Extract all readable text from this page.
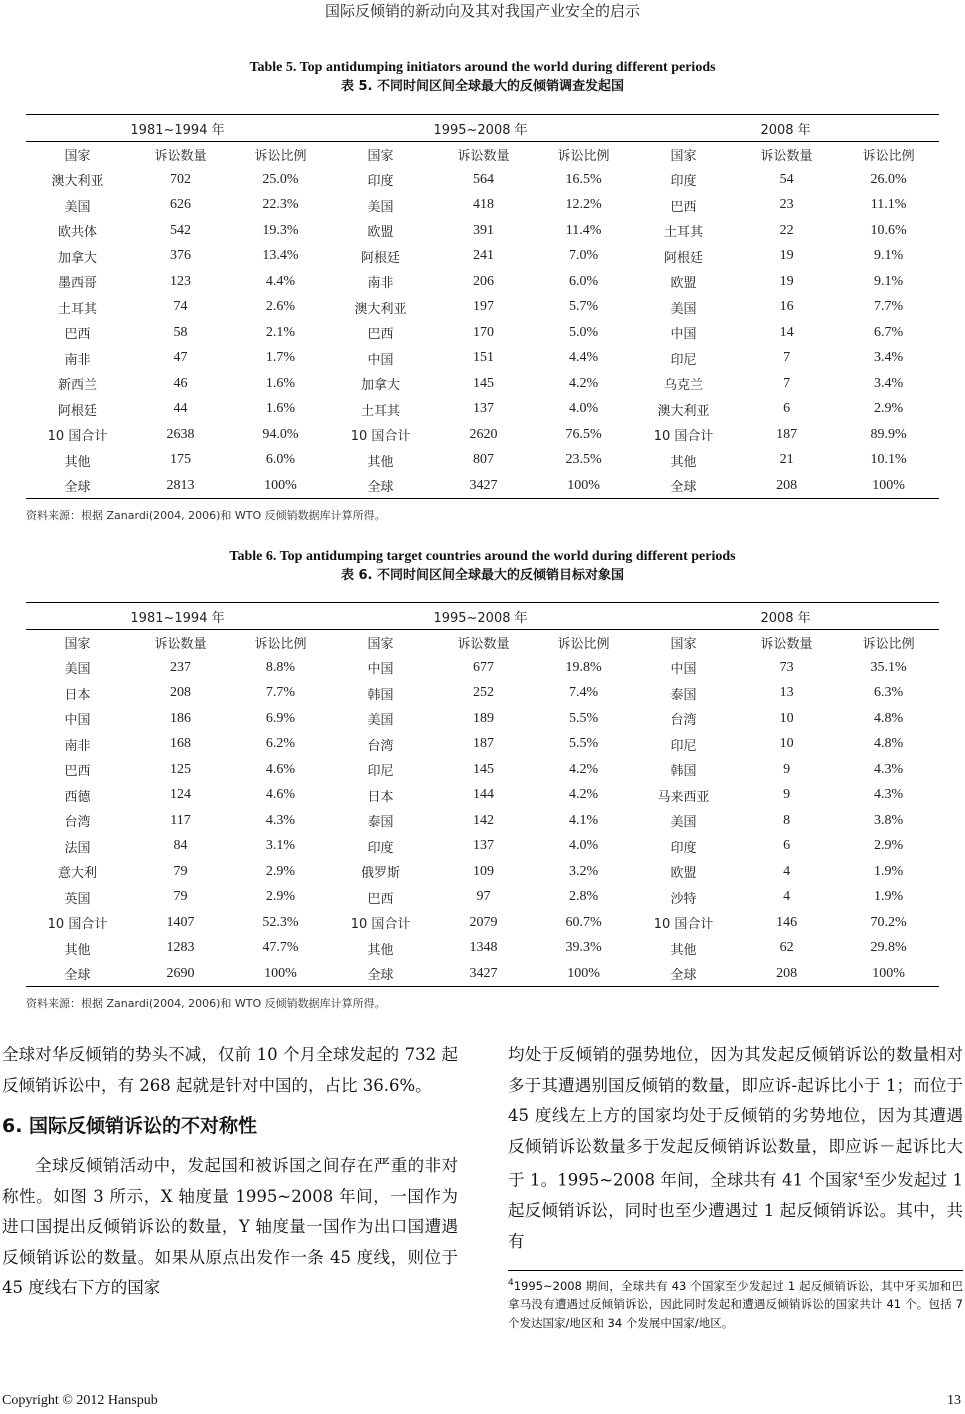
国际反倾销的新动向及其对我国产业安全的启示
Table 5. Top antidumping initiators around the world during different periods
表 5. 不同时间区间全球最大的反倾销调查发起国
1981~1994 年			1995~2008 年			2008 年		
国家	诉讼数量	诉讼比例	国家	诉讼数量	诉讼比例	国家	诉讼数量	诉讼比例
澳大利亚	702	25.0%	印度	564	16.5%	印度	54	26.0%
美国	626	22.3%	美国	418	12.2%	巴西	23	11.1%
欧共体	542	19.3%	欧盟	391	11.4%	土耳其	22	10.6%
加拿大	376	13.4%	阿根廷	241	7.0%	阿根廷	19	9.1%
墨西哥	123	4.4%	南非	206	6.0%	欧盟	19	9.1%
土耳其	74	2.6%	澳大利亚	197	5.7%	美国	16	7.7%
巴西	58	2.1%	巴西	170	5.0%	中国	14	6.7%
南非	47	1.7%	中国	151	4.4%	印尼	7	3.4%
新西兰	46	1.6%	加拿大	145	4.2%	乌克兰	7	3.4%
阿根廷	44	1.6%	土耳其	137	4.0%	澳大利亚	6	2.9%
10 国合计	2638	94.0%	10 国合计	2620	76.5%	10 国合计	187	89.9%
其他	175	6.0%	其他	807	23.5%	其他	21	10.1%
全球	2813	100%	全球	3427	100%	全球	208	100%
资料来源：根据 Zanardi(2004, 2006)和 WTO 反倾销数据库计算所得。
Table 6. Top antidumping target countries around the world during different periods
表 6. 不同时间区间全球最大的反倾销目标对象国
1981~1994 年			1995~2008 年			2008 年		
国家	诉讼数量	诉讼比例	国家	诉讼数量	诉讼比例	国家	诉讼数量	诉讼比例
美国	237	8.8%	中国	677	19.8%	中国	73	35.1%
日本	208	7.7%	韩国	252	7.4%	泰国	13	6.3%
中国	186	6.9%	美国	189	5.5%	台湾	10	4.8%
南非	168	6.2%	台湾	187	5.5%	印尼	10	4.8%
巴西	125	4.6%	印尼	145	4.2%	韩国	9	4.3%
西德	124	4.6%	日本	144	4.2%	马来西亚	9	4.3%
台湾	117	4.3%	泰国	142	4.1%	美国	8	3.8%
法国	84	3.1%	印度	137	4.0%	印度	6	2.9%
意大利	79	2.9%	俄罗斯	109	3.2%	欧盟	4	1.9%
英国	79	2.9%	巴西	97	2.8%	沙特	4	1.9%
10 国合计	1407	52.3%	10 国合计	2079	60.7%	10 国合计	146	70.2%
其他	1283	47.7%	其他	1348	39.3%	其他	62	29.8%
全球	2690	100%	全球	3427	100%	全球	208	100%
资料来源：根据 Zanardi(2004, 2006)和 WTO 反倾销数据库计算所得。

全球对华反倾销的势头不减，仅前 10 个月全球发起的 732 起反倾销诉讼中，有 268 起就是针对中国的，占比 36.6%。

6. 国际反倾销诉讼的不对称性

全球反倾销活动中，发起国和被诉国之间存在严重的非对称性。如图 3 所示，X 轴度量 1995~2008 年间，一国作为进口国提出反倾销诉讼的数量，Y 轴度量一国作为出口国遭遇反倾销诉讼的数量。如果从原点出发作一条 45 度线，则位于 45 度线右下方的国家

均处于反倾销的强势地位，因为其发起反倾销诉讼的数量相对多于其遭遇别国反倾销的数量，即应诉-起诉比小于 1；而位于 45 度线左上方的国家均处于反倾销的劣势地位，因为其遭遇反倾销诉讼数量多于发起反倾销诉讼数量，即应诉－起诉比大于 1。1995~2008 年间，全球共有 41 个国家$^4$至少发起过 1 起反倾销诉讼，同时也至少遭遇过 1 起反倾销诉讼。其中，共有

$^4$1995~2008 期间，全球共有 43 个国家至少发起过 1 起反倾销诉讼，其中牙买加和巴拿马没有遭遇过反倾销诉讼，因此同时发起和遭遇反倾销诉讼的国家共计 41 个。包括 7 个发达国家/地区和 34 个发展中国家/地区。
Copyright © 2012 Hanspub	13
